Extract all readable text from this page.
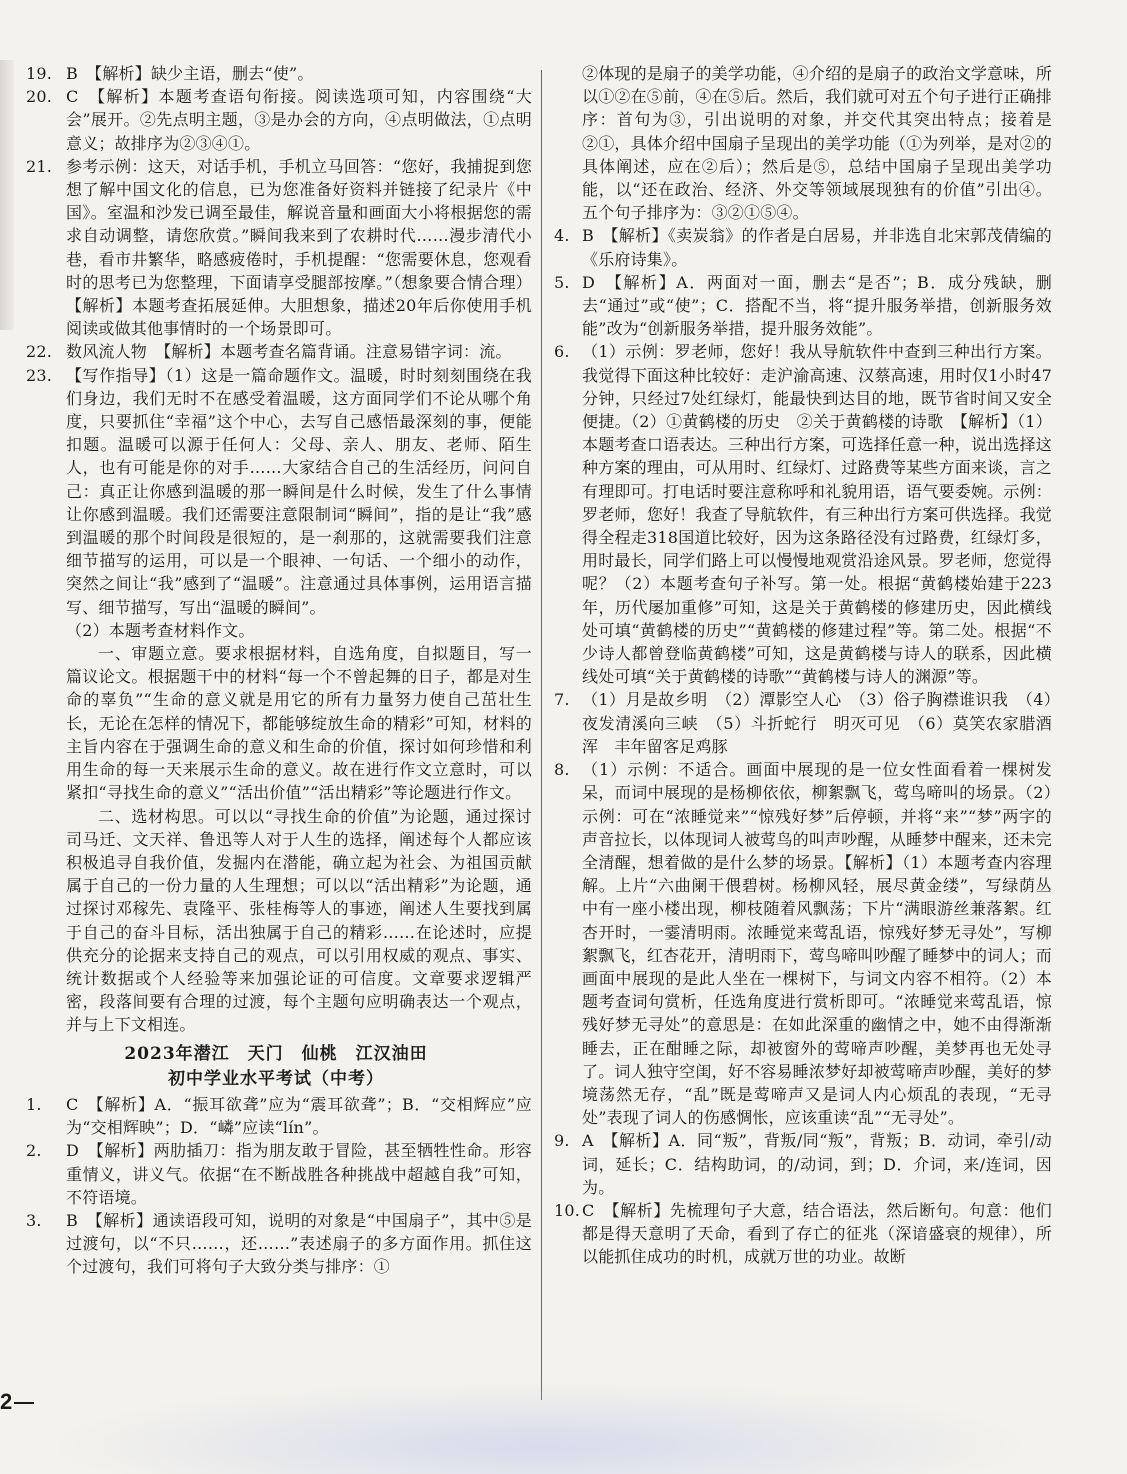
19. B　【解析】缺少主语，删去“使”。
20. C　【解析】本题考查语句衔接。阅读选项可知，内容围绕“大会”展开。②先点明主题，③是办会的方向，④点明做法，①点明意义；故排序为②③④①。
21. 参考示例：这天，对话手机，手机立马回答：“您好，我捕捉到您想了解中国文化的信息，已为您准备好资料并链接了纪录片《中国》。室温和沙发已调至最佳，解说音量和画面大小将根据您的需求自动调整，请您欣赏。”瞬间我来到了农耕时代……漫步清代小巷，看市井繁华，略感疲倦时，手机提醒：“您需要休息，您观看时的思考已为您整理，下面请享受腿部按摩。”（想象要合情合理）【解析】本题考查拓展延伸。大胆想象，描述20年后你使用手机阅读或做其他事情时的一个场景即可。
22. 数风流人物　【解析】本题考查名篇背诵。注意易错字词：流。
23. 【写作指导】（1）这是一篇命题作文。温暖，时时刻刻围绕在我们身边，我们无时不在感受着温暖，这方面同学们不论从哪个角度，只要抓住“幸福”这个中心，去写自己感悟最深刻的事，便能扣题。温暖可以源于任何人：父母、亲人、朋友、老师、陌生人，也有可能是你的对手……大家结合自己的生活经历，问问自己：真正让你感到温暖的那一瞬间是什么时候，发生了什么事情让你感到温暖。我们还需要注意限制词“瞬间”，指的是让“我”感到温暖的那个时间段是很短的，是一刹那的，这就需要我们注意细节描写的运用，可以是一个眼神、一句话、一个细小的动作，突然之间让“我”感到了“温暖”。注意通过具体事例，运用语言描写、细节描写，写出“温暖的瞬间”。
（2）本题考查材料作文。

一、审题立意。要求根据材料，自选角度，自拟题目，写一篇议论文。根据题干中的材料“每一个不曾起舞的日子，都是对生命的辜负”“生命的意义就是用它的所有力量努力使自己茁壮生长，无论在怎样的情况下，都能够绽放生命的精彩”可知，材料的主旨内容在于强调生命的意义和生命的价值，探讨如何珍惜和利用生命的每一天来展示生命的意义。故在进行作文立意时，可以紧扣“寻找生命的意义”“活出价值”“活出精彩”等论题进行作文。

二、选材构思。可以以“寻找生命的价值”为论题，通过探讨司马迁、文天祥、鲁迅等人对于人生的选择，阐述每个人都应该积极追寻自我价值，发掘内在潜能，确立起为社会、为祖国贡献属于自己的一份力量的人生理想；可以以“活出精彩”为论题，通过探讨邓稼先、袁隆平、张桂梅等人的事迹，阐述人生要找到属于自己的奋斗目标，活出独属于自己的精彩……在论述时，应提供充分的论据来支持自己的观点，可以引用权威的观点、事实、统计数据或个人经验等来加强论证的可信度。文章要求逻辑严密，段落间要有合理的过渡，每个主题句应明确表达一个观点，并与上下文相连。

2023年潜江　天门　仙桃　江汉油田
初中学业水平考试（中考）
1.	C　【解析】A．“振耳欲聋”应为“震耳欲聋”；B．“交相辉应”应为“交相辉映”；D．“嶙”应读“lín”。
2.	D　【解析】两肋插刀：指为朋友敢于冒险，甚至牺牲性命。形容重情义，讲义气。依据“在不断战胜各种挑战中超越自我”可知，不符语境。
3.	B　【解析】通读语段可知，说明的对象是“中国扇子”，其中⑤是过渡句，以“不只……，还……”表述扇子的多方面作用。抓住这个过渡句，我们可将句子大致分类与排序：①
②体现的是扇子的美学功能，④介绍的是扇子的政治文学意味，所以①②在⑤前，④在⑤后。然后，我们就可对五个句子进行正确排序：首句为③，引出说明的对象，并交代其突出特点；接着是②①，具体介绍中国扇子呈现出的美学功能（①为列举，是对②的具体阐述，应在②后）；然后是⑤，总结中国扇子呈现出美学功能，以“还在政治、经济、外交等领域展现独有的价值”引出④。五个句子排序为：③②①⑤④。
4. B　【解析】《卖炭翁》的作者是白居易，并非选自北宋郭茂倩编的《乐府诗集》。
5. D　【解析】A．两面对一面，删去“是否”；B．成分残缺，删去“通过”或“使”；C．搭配不当，将“提升服务举措，创新服务效能”改为“创新服务举措，提升服务效能”。
6. （1）示例：罗老师，您好！我从导航软件中查到三种出行方案。我觉得下面这种比较好：走沪渝高速、汉蔡高速，用时仅1小时47分钟，只经过7处红绿灯，能最快到达目的地，既节省时间又安全便捷。（2）①黄鹤楼的历史　②关于黄鹤楼的诗歌　【解析】（1）本题考查口语表达。三种出行方案，可选择任意一种，说出选择这种方案的理由，可从用时、红绿灯、过路费等某些方面来谈，言之有理即可。打电话时要注意称呼和礼貌用语，语气要委婉。示例：罗老师，您好！我查了导航软件，有三种出行方案可供选择。我觉得全程走318国道比较好，因为这条路径没有过路费，红绿灯多，用时最长，同学们路上可以慢慢地观赏沿途风景。罗老师，您觉得呢？（2）本题考查句子补写。第一处。根据“黄鹤楼始建于223年，历代屡加重修”可知，这是关于黄鹤楼的修建历史，因此横线处可填“黄鹤楼的历史”“黄鹤楼的修建过程”等。第二处。根据“不少诗人都曾登临黄鹤楼”可知，这是黄鹤楼与诗人的联系，因此横线处可填“关于黄鹤楼的诗歌”“黄鹤楼与诗人的渊源”等。
7. （1）月是故乡明　（2）潭影空人心　（3）俗子胸襟谁识我　（4）夜发清溪向三峡　（5）斗折蛇行　明灭可见　（6）莫笑农家腊酒浑　丰年留客足鸡豚
8. （1）示例：不适合。画面中展现的是一位女性面看着一棵树发呆，而词中展现的是杨柳依依，柳絮飘飞，莺鸟啼叫的场景。（2）示例：可在“浓睡觉来”“惊残好梦”后停顿，并将“来”“梦”两字的声音拉长，以体现词人被莺鸟的叫声吵醒，从睡梦中醒来，还未完全清醒，想着做的是什么梦的场景。【解析】（1）本题考查内容理解。上片“六曲阑干偎碧树。杨柳风轻，展尽黄金缕”，写绿荫丛中有一座小楼出现，柳枝随着风飘荡；下片“满眼游丝兼落絮。红杏开时，一霎清明雨。浓睡觉来莺乱语，惊残好梦无寻处”，写柳絮飘飞，红杏花开，清明雨下，莺鸟啼叫吵醒了睡梦中的词人；而画面中展现的是此人坐在一棵树下，与词文内容不相符。（2）本题考查词句赏析，任选角度进行赏析即可。“浓睡觉来莺乱语，惊残好梦无寻处”的意思是：在如此深重的幽情之中，她不由得渐渐睡去，正在酣睡之际，却被窗外的莺啼声吵醒，美梦再也无处寻了。词人独守空闺，好不容易睡浓梦好却被莺啼声吵醒，美好的梦境荡然无存，“乱”既是莺啼声又是词人内心烦乱的表现，“无寻处”表现了词人的伤感惆怅，应该重读“乱”“无寻处”。
9. A　【解析】A．同“叛”，背叛/同“叛”，背叛；B．动词，牵引/动词，延长；C．结构助词，的/动词，到；D．介词，来/连词，因为。
10. C　【解析】先梳理句子大意，结合语法，然后断句。句意：他们都是得天意明了天命，看到了存亡的征兆（深谙盛衰的规律），所以能抓住成功的时机，成就万世的功业。故断
2
